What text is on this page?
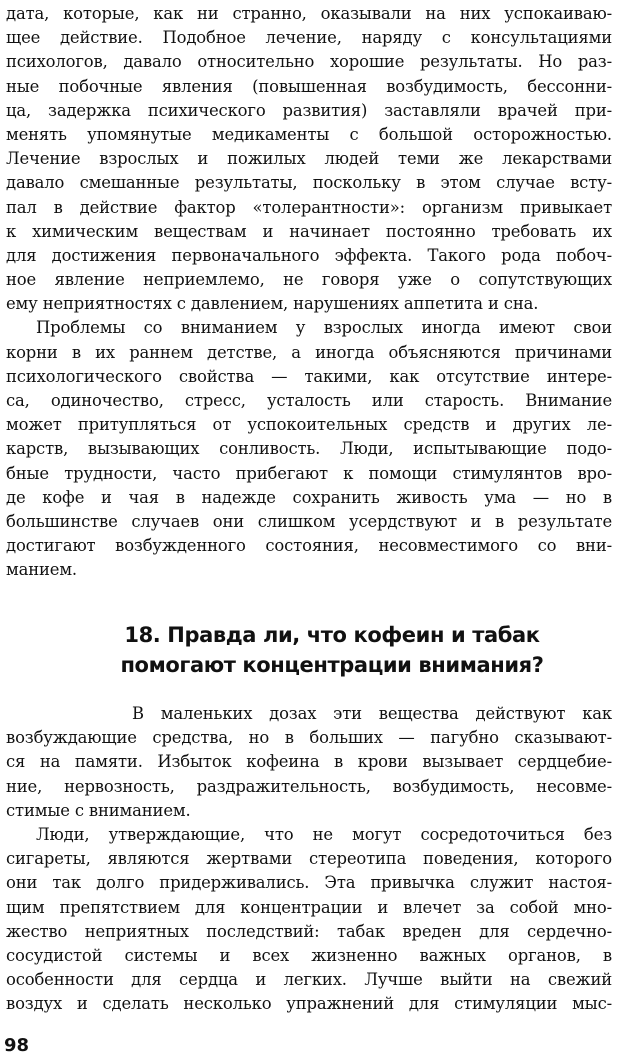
дата, которые, как ни странно, оказывали на них успокаиваю-
щее действие. Подобное лечение, наряду с консультациями
психологов, давало относительно хорошие результаты. Но раз-
ные побочные явления (повышенная возбудимость, бессонни-
ца, задержка психического развития) заставляли врачей при-
менять упомянутые медикаменты с большой осторожностью.
Лечение взрослых и пожилых людей теми же лекарствами
давало смешанные результаты, поскольку в этом случае всту-
пал в действие фактор «толерантности»: организм привыкает
к химическим веществам и начинает постоянно требовать их
для достижения первоначального эффекта. Такого рода побоч-
ное явление неприемлемо, не говоря уже о сопутствующих
ему неприятностях с давлением, нарушениях аппетита и сна.
Проблемы со вниманием у взрослых иногда имеют свои
корни в их раннем детстве, а иногда объясняются причинами
психологического свойства — такими, как отсутствие интере-
са, одиночество, стресс, усталость или старость. Внимание
может притупляться от успокоительных средств и других ле-
карств, вызывающих сонливость. Люди, испытывающие подо-
бные трудности, часто прибегают к помощи стимулянтов вро-
де кофе и чая в надежде сохранить живость ума — но в
большинстве случаев они слишком усердствуют и в результате
достигают возбужденного состояния, несовместимого со вни-
манием.
18. Правда ли, что кофеин и табак
помогают концентрации внимания?
В маленьких дозах эти вещества действуют как
возбуждающие средства, но в больших — пагубно сказывают-
ся на памяти. Избыток кофеина в крови вызывает сердцебие-
ние, нервозность, раздражительность, возбудимость, несовме-
стимые с вниманием.
Люди, утверждающие, что не могут сосредоточиться без
сигареты, являются жертвами стереотипа поведения, которого
они так долго придерживались. Эта привычка служит настоя-
щим препятствием для концентрации и влечет за собой мно-
жество неприятных последствий: табак вреден для сердечно-
сосудистой системы и всех жизненно важных органов, в
особенности для сердца и легких. Лучше выйти на свежий
воздух и сделать несколько упражнений для стимуляции мыс-
98
